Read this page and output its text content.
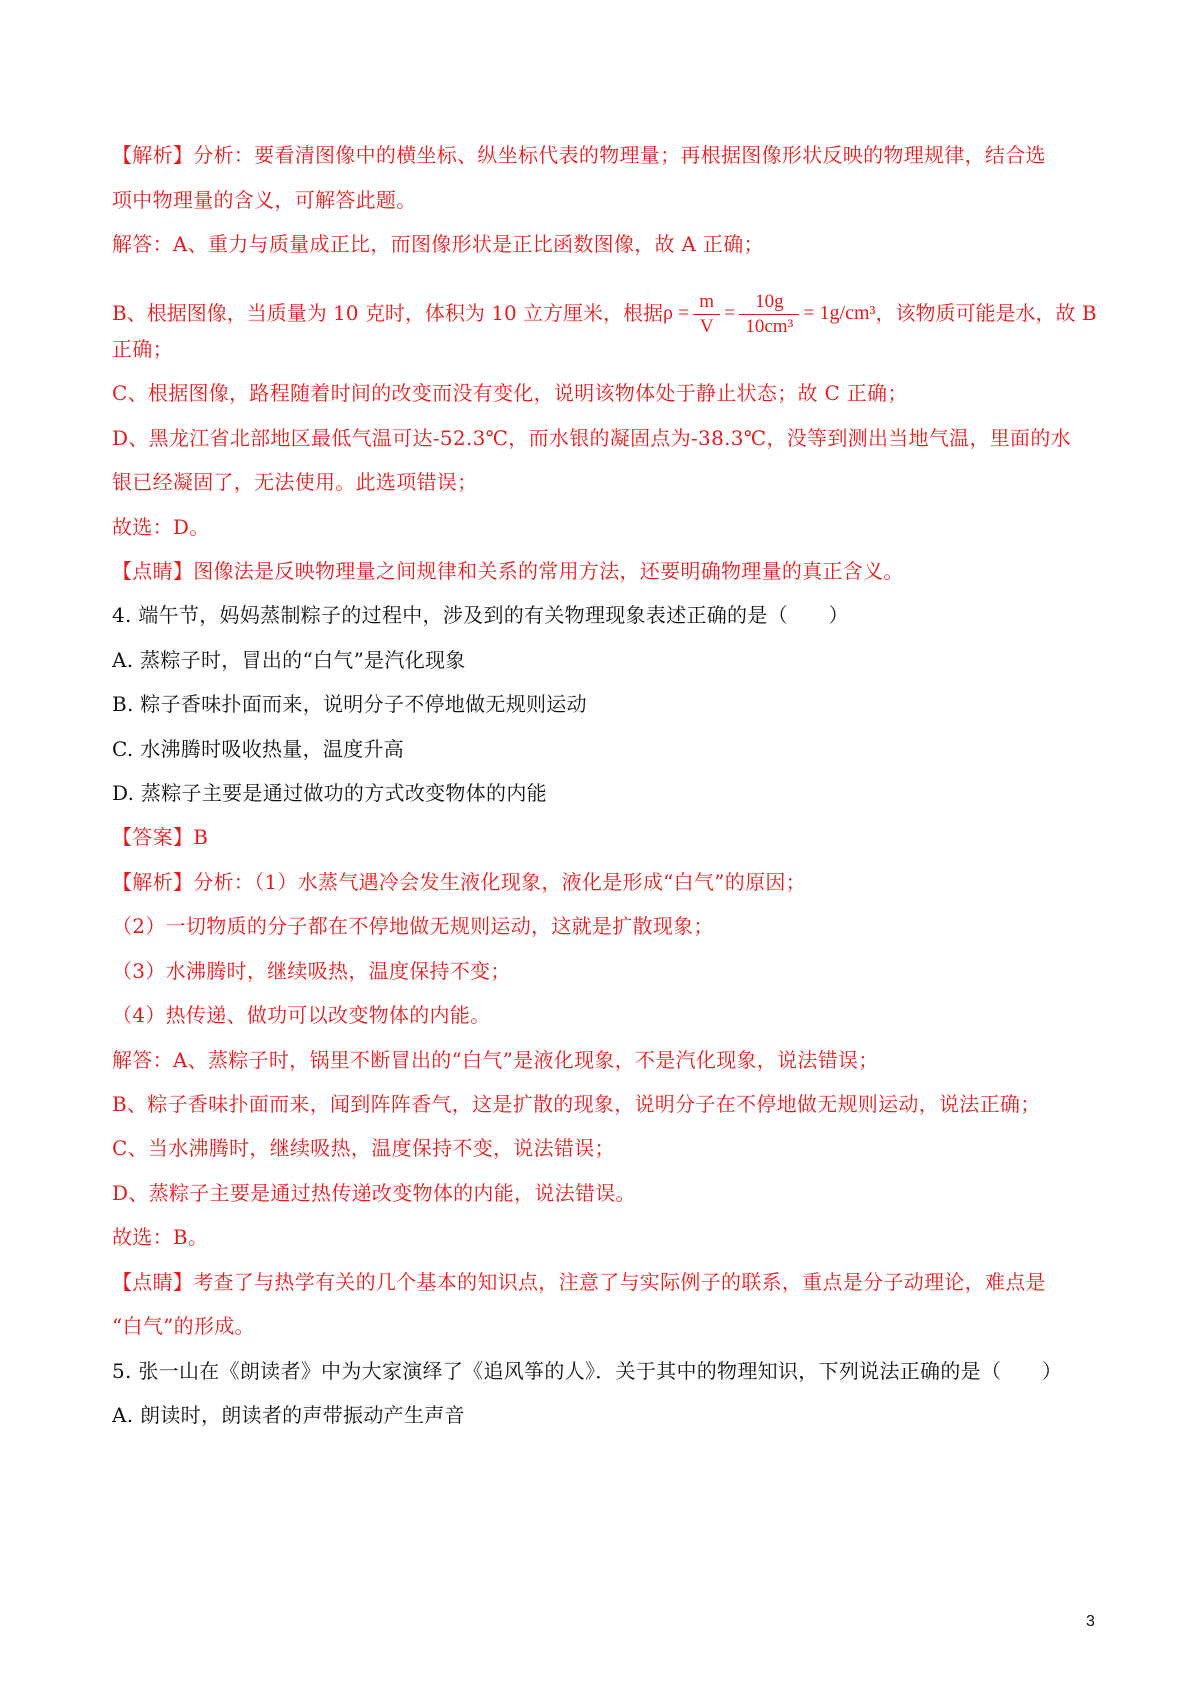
【解析】分析：要看清图像中的横坐标、纵坐标代表的物理量；再根据图像形状反映的物理规律，结合选
项中物理量的含义，可解答此题。
解答：A、重力与质量成正比，而图像形状是正比函数图像，故 A 正确；
B、根据图像，当质量为 10 克时，体积为 10 立方厘米，根据$\rho = \frac{m}{V} = \frac{10g}{\text{10cm³}} = 1g/cm^3$，该物质可能是水，故 B
正确；
C、根据图像，路程随着时间的改变而没有变化，说明该物体处于静止状态；故 C 正确；
D、黑龙江省北部地区最低气温可达-52.3℃，而水银的凝固点为-38.3℃，没等到测出当地气温，里面的水
银已经凝固了，无法使用。此选项错误；
故选：D。
【点睛】图像法是反映物理量之间规律和关系的常用方法，还要明确物理量的真正含义。
4. 端午节，妈妈蒸制粽子的过程中，涉及到的有关物理现象表述正确的是（　　）
A. 蒸粽子时，冒出的“白气”是汽化现象
B. 粽子香味扑面而来，说明分子不停地做无规则运动
C. 水沸腾时吸收热量，温度升高
D. 蒸粽子主要是通过做功的方式改变物体的内能
【答案】B
【解析】分析：（1）水蒸气遇冷会发生液化现象，液化是形成“白气”的原因；
（2）一切物质的分子都在不停地做无规则运动，这就是扩散现象；
（3）水沸腾时，继续吸热，温度保持不变；
（4）热传递、做功可以改变物体的内能。
解答：A、蒸粽子时，锅里不断冒出的“白气”是液化现象，不是汽化现象，说法错误；
B、粽子香味扑面而来，闻到阵阵香气，这是扩散的现象，说明分子在不停地做无规则运动，说法正确；
C、当水沸腾时，继续吸热，温度保持不变，说法错误；
D、蒸粽子主要是通过热传递改变物体的内能，说法错误。
故选：B。
【点睛】考查了与热学有关的几个基本的知识点，注意了与实际例子的联系，重点是分子动理论，难点是
“白气”的形成。
5. 张一山在《朗读者》中为大家演绎了《追风筝的人》．关于其中的物理知识，下列说法正确的是（　　）
A. 朗读时，朗读者的声带振动产生声音
3
